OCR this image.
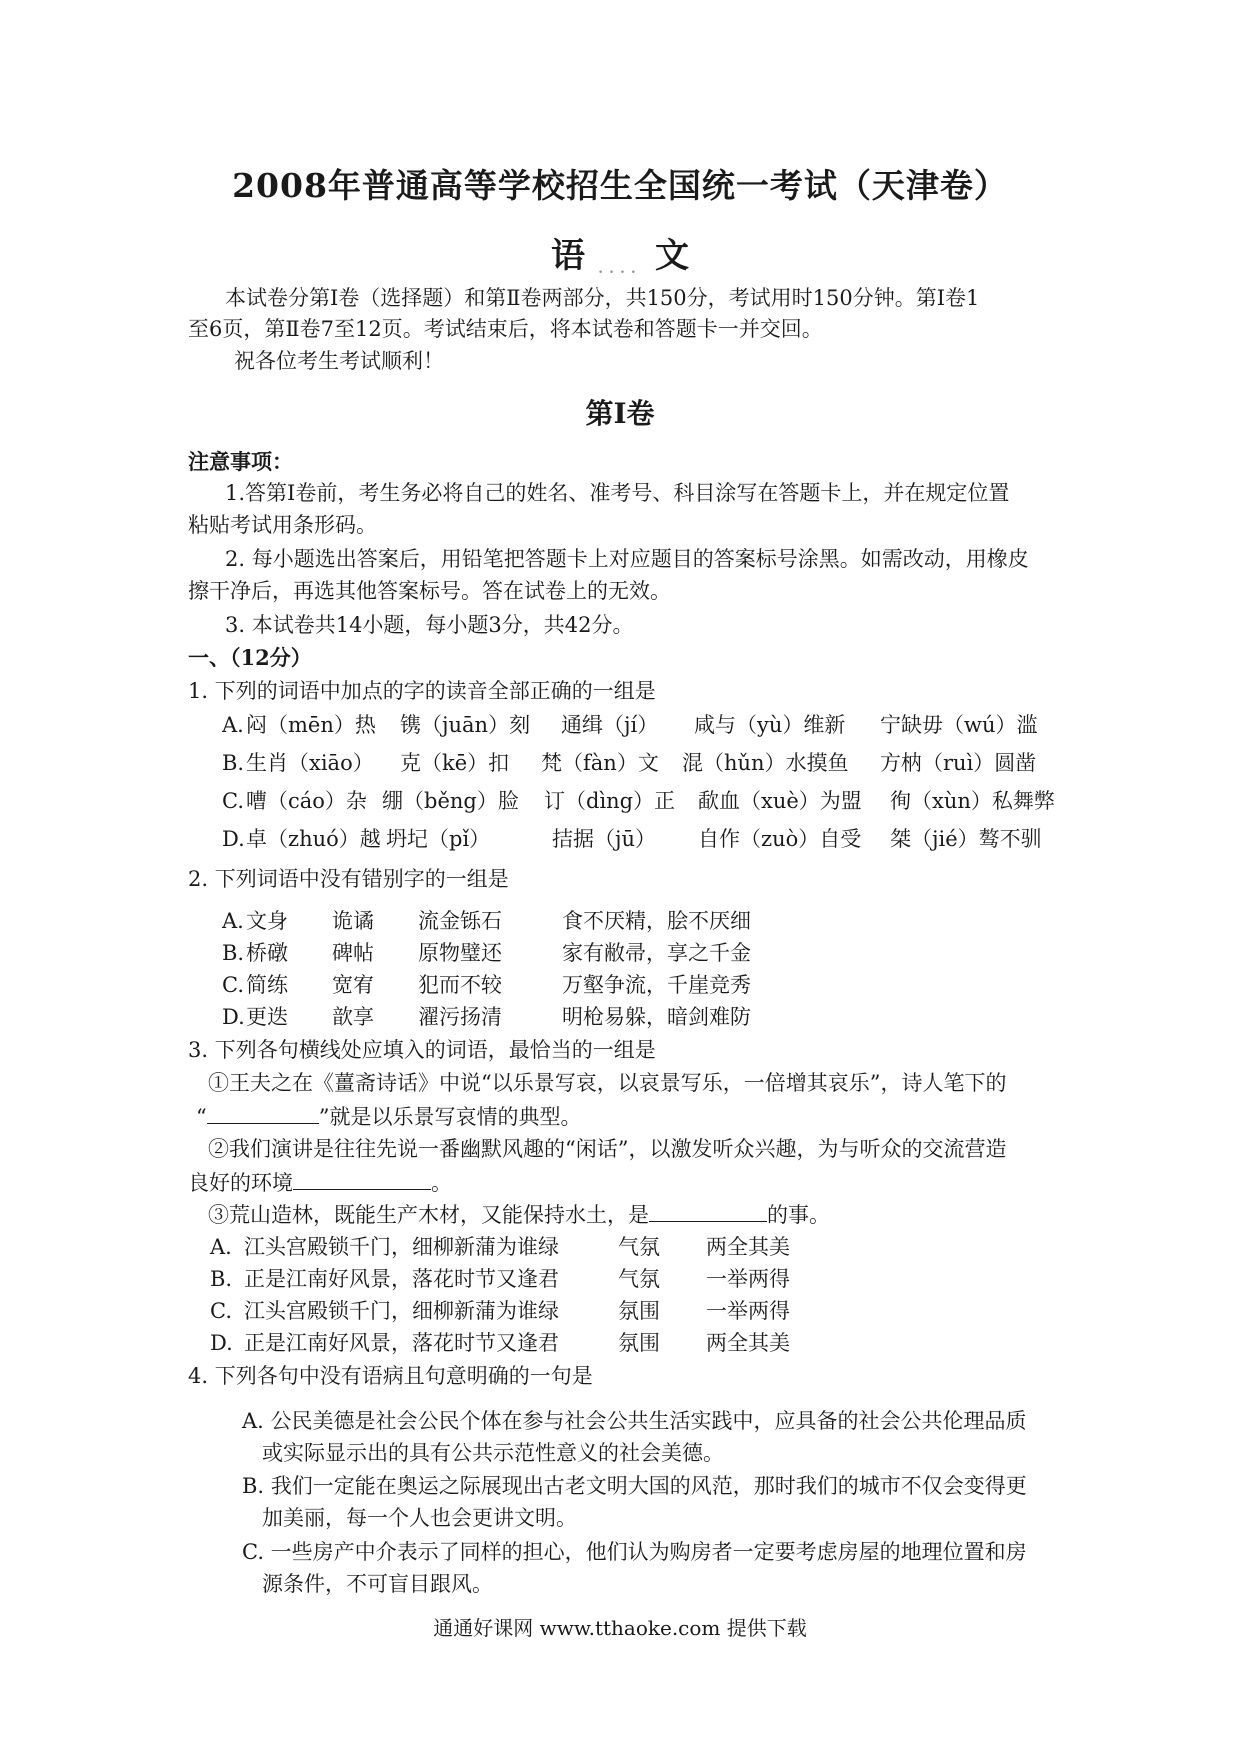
2008年普通高等学校招生全国统一考试（天津卷）
语 .... 文
本试卷分第Ⅰ卷（选择题）和第Ⅱ卷两部分，共150分，考试用时150分钟。第Ⅰ卷1
至6页，第Ⅱ卷7至12页。考试结束后，将本试卷和答题卡一并交回。
祝各位考生考试顺利！
第Ⅰ卷
注意事项：
1.答第Ⅰ卷前，考生务必将自己的姓名、准考号、科目涂写在答题卡上，并在规定位置
粘贴考试用条形码。
2. 每小题选出答案后，用铅笔把答题卡上对应题目的答案标号涂黑。如需改动，用橡皮
擦干净后，再选其他答案标号。答在试卷上的无效。
3. 本试卷共14小题，每小题3分，共42分。
一、（12分）
1. 下列的词语中加点的字的读音全部正确的一组是
A. 闷（mēn）热 镌（juān）刻 通缉（jí） 咸与（yù）维新 宁缺毋（wú）滥
B. 生肖（xiāo） 克（kē）扣 梵（fàn）文 混（hǔn）水摸鱼 方枘（ruì）圆凿
C. 嘈（cáo）杂 绷（běng）脸 订（dìng）正 歃血（xuè）为盟 徇（xùn）私舞弊
D. 卓（zhuó）越 坍圮（pǐ）	拮据（jū） 自作（zuò）自受 桀（jié）骜不驯
2. 下列词语中没有错别字的一组是
A. 文身 诡谲 流金铄石	食不厌精，脍不厌细
B. 桥礅 碑帖 原物璧还	家有敝帚，享之千金
C. 简练 宽宥 犯而不较	万壑争流，千崖竞秀
D. 更迭 歆享 濯污扬清	明枪易躲，暗剑难防
3. 下列各句横线处应填入的词语，最恰当的一组是
①王夫之在《薑斋诗话》中说“以乐景写哀，以哀景写乐，一倍增其哀乐”，诗人笔下的
“	”就是以乐景写哀情的典型。
②我们演讲是往往先说一番幽默风趣的“闲话”，以激发听众兴趣，为与听众的交流营造
良好的环境	。
③荒山造林，既能生产木材，又能保持水土，是	的事。
A. 江头宫殿锁千门，细柳新蒲为谁绿	气氛 两全其美
B. 正是江南好风景，落花时节又逢君	气氛 一举两得
C. 江头宫殿锁千门，细柳新蒲为谁绿	氛围 一举两得
D. 正是江南好风景，落花时节又逢君	氛围 两全其美
4. 下列各句中没有语病且句意明确的一句是
A. 公民美德是社会公民个体在参与社会公共生活实践中，应具备的社会公共伦理品质
或实际显示出的具有公共示范性意义的社会美德。
B. 我们一定能在奥运之际展现出古老文明大国的风范，那时我们的城市不仅会变得更
加美丽，每一个人也会更讲文明。
C. 一些房产中介表示了同样的担心，他们认为购房者一定要考虑房屋的地理位置和房
源条件，不可盲目跟风。
通通好课网 www.tthaoke.com 提供下载
